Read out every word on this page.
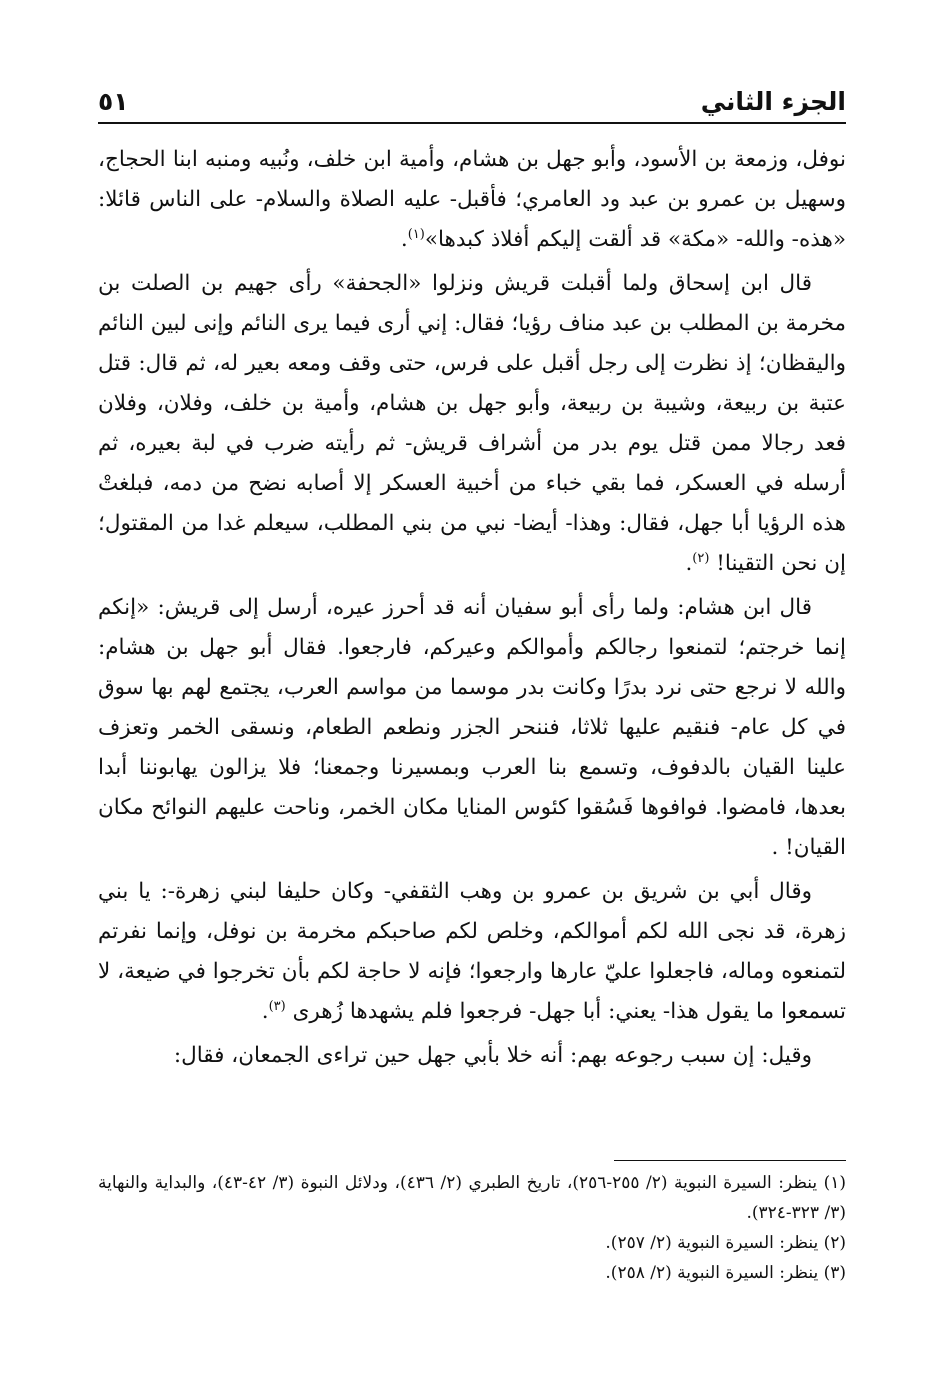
الجزء الثاني
٥١

نوفل، وزمعة بن الأسود، وأبو جهل بن هشام، وأمية ابن خلف، ونُبيه ومنبه ابنا الحجاج، وسهيل بن عمرو بن عبد ود العامري؛ فأقبل- عليه الصلاة والسلام- على الناس قائلا: «هذه- والله- «مكة» قد ألقت إليكم أفلاذ كبدها»$^{(١)}$.

قال ابن إسحاق ولما أقبلت قريش ونزلوا «الجحفة» رأى جهيم بن الصلت بن مخرمة بن المطلب بن عبد مناف رؤيا؛ فقال: إني أرى فيما يرى النائم وإنى لبين النائم واليقظان؛ إذ نظرت إلى رجل أقبل على فرس، حتى وقف ومعه بعير له، ثم قال: قتل عتبة بن ربيعة، وشيبة بن ربيعة، وأبو جهل بن هشام، وأمية بن خلف، وفلان، وفلان فعد رجالا ممن قتل يوم بدر من أشراف قريش- ثم رأيته ضرب في لبة بعيره، ثم أرسله في العسكر، فما بقي خباء من أخبية العسكر إلا أصابه نضح من دمه، فبلغتْ هذه الرؤيا أبا جهل، فقال: وهذا- أيضا- نبي من بني المطلب، سيعلم غدا من المقتول؛ إن نحن التقينا! $^{(٢)}$.

قال ابن هشام: ولما رأى أبو سفيان أنه قد أحرز عيره، أرسل إلى قريش: «إنكم إنما خرجتم؛ لتمنعوا رجالكم وأموالكم وعيركم، فارجعوا. فقال أبو جهل بن هشام: والله لا نرجع حتى نرد بدرًا وكانت بدر موسما من مواسم العرب، يجتمع لهم بها سوق في كل عام- فنقيم عليها ثلاثا، فننحر الجزر ونطعم الطعام، ونسقى الخمر وتعزف علينا القيان بالدفوف، وتسمع بنا العرب وبمسيرنا وجمعنا؛ فلا يزالون يهابوننا أبدا بعدها، فامضوا. فوافوها فَسُقوا كئوس المنايا مكان الخمر، وناحت عليهم النوائح مكان القيان! .

وقال أبي بن شريق بن عمرو بن وهب الثقفي- وكان حليفا لبني زهرة-: يا بني زهرة، قد نجى الله لكم أموالكم، وخلص لكم صاحبكم مخرمة بن نوفل، وإنما نفرتم لتمنعوه وماله، فاجعلوا عليّ عارها وارجعوا؛ فإنه لا حاجة لكم بأن تخرجوا في ضيعة، لا تسمعوا ما يقول هذا- يعني: أبا جهل- فرجعوا فلم يشهدها زُهرى $^{(٣)}$.

وقيل: إن سبب رجوعه بهم: أنه خلا بأبي جهل حين تراءى الجمعان، فقال:

(١) ينظر: السيرة النبوية (٢/ ٢٥٥-٢٥٦)، تاريخ الطبري (٢/ ٤٣٦)، ودلائل النبوة (٣/ ٤٢-٤٣)، والبداية والنهاية (٣/ ٣٢٣-٣٢٤).

(٢) ينظر: السيرة النبوية (٢/ ٢٥٧).

(٣) ينظر: السيرة النبوية (٢/ ٢٥٨).
